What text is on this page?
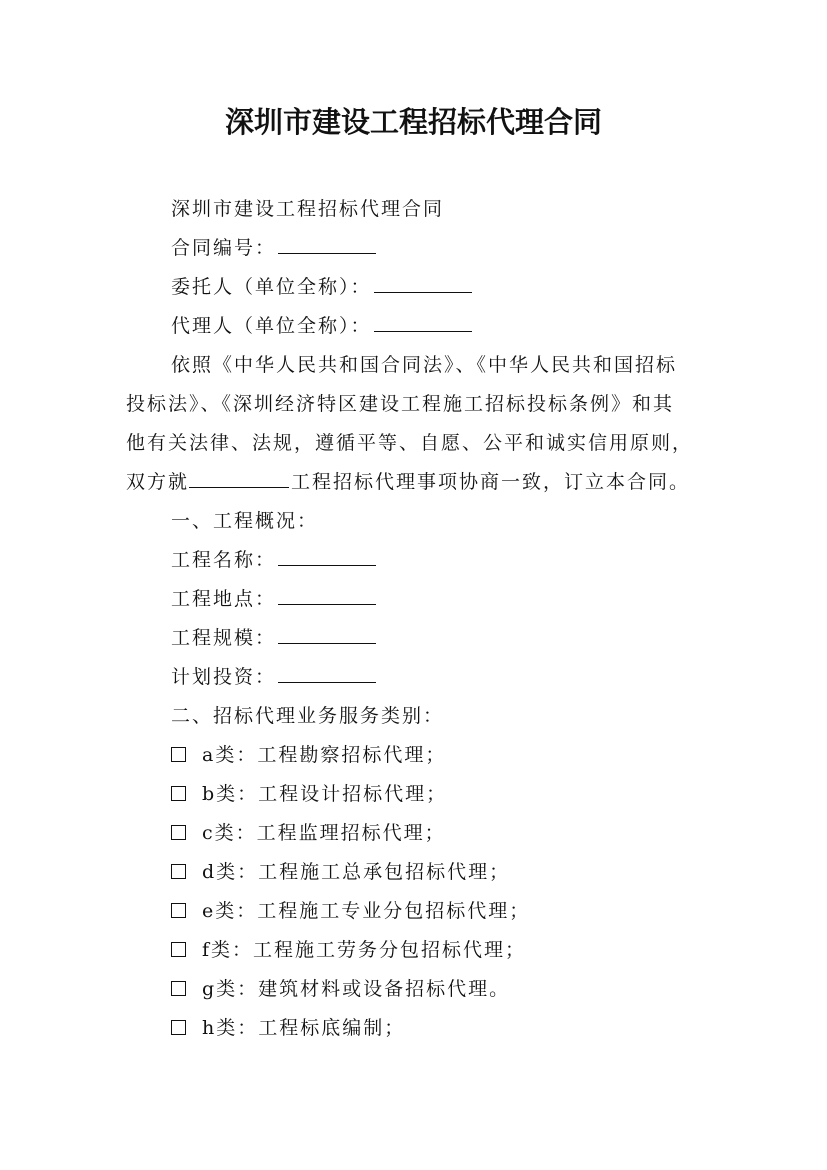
深圳市建设工程招标代理合同
深圳市建设工程招标代理合同
合同编号：
委托人（单位全称）：
代理人（单位全称）：
依照《中华人民共和国合同法》、《中华人民共和国招标
投标法》、《深圳经济特区建设工程施工招标投标条例》和其
他有关法律、法规，遵循平等、自愿、公平和诚实信用原则，
双方就	工程招标代理事项协商一致，订立本合同。
一、工程概况：
工程名称：
工程地点：
工程规模：
计划投资：
二、招标代理业务服务类别：
a类：工程勘察招标代理；
b类：工程设计招标代理；
c类：工程监理招标代理；
d类：工程施工总承包招标代理；
e类：工程施工专业分包招标代理；
f类：工程施工劳务分包招标代理；
g类：建筑材料或设备招标代理。
h类：工程标底编制；
